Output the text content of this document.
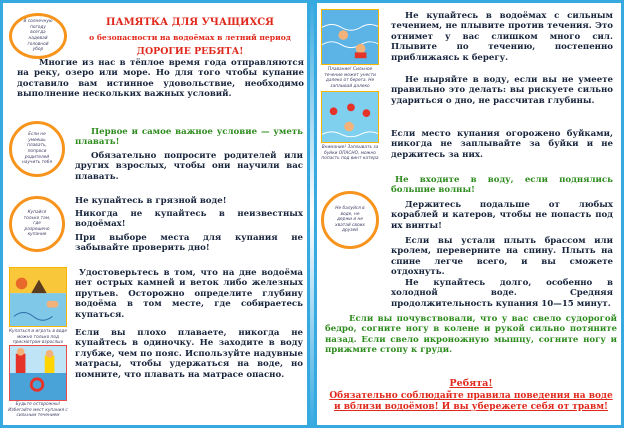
В солнечную погоду всегда надевай головной убор
ПАМЯТКА ДЛЯ УЧАЩИХСЯ
о безопасности на водоёмах в летний период
ДОРОГИЕ РЕБЯТА!
Многие из нас в тёплое время года отправляются на реку, озеро или море. Но для того чтобы купание доставило вам истинное удовольствие, необходимо выполнение нескольких важных условий.
Если не умеешь плавать, попроси родителей научить тебя
Первое и самое важное условие — уметь плавать!
Обязательно попросите родителей или других взрослых, чтобы они научили вас плавать.
Купайся только там, где разрешено купание
Не купайтесь в грязной воде!
Никогда не купайтесь в неизвестных водоёмах!
При выборе места для купания не забывайте проверить дно!
Купаться и играть в воде можно только под присмотром взрослых
Удостоверьтесь в том, что на дне водоёма нет острых камней и веток либо железных прутьев. Осторожно определите глубину водоёма в том месте, где собираетесь купаться.
Если вы плохо плаваете, никогда не купайтесь в одиночку. Не заходите в воду глубже, чем по пояс. Используйте надувные матрасы, чтобы удержаться на воде, но помните, что плавать на матрасе опасно.
Будьте осторожны! Избегайте мест купания с сильным течением
Плавание! Сильное течение может унести далеко от берега. Не заплывай далеко
Не купайтесь в водоёмах с сильным течением, не плывите против течения. Это отнимет у вас слишком много сил. Плывите по течению, постепенно приближаясь к берегу.
Не ныряйте в воду, если вы не умеете правильно это делать: вы рискуете сильно удариться о дно, не рассчитав глубины.
Внимание! Заплывать за буйки ОПАСНО, можно попасть под винт катера
Если место купания огорожено буйками, никогда не заплывайте за буйки и не держитесь за них.
Не балуйся в воде, не держи и не хватай своих друзей
Не входите в воду, если поднялись большие волны!
Держитесь подальше от любых кораблей и катеров, чтобы не попасть под их винты!
Если вы устали плыть брассом или кролем, переверните на спину. Плыть на спине легче всего, и вы сможете отдохнуть.
Не купайтесь долго, особенно в холодной воде. Средняя продолжительность купания 10—15 минут.
Если вы почувствовали, что у вас свело судорогой бедро, согните ногу в колене и рукой сильно потяните назад. Если свело икроножную мышцу, согните ногу и прижмите стопу к груди.
Ребята!
Обязательно соблюдайте правила поведения на воде и вблизи водоёмов! И вы убережете себя от травм!
